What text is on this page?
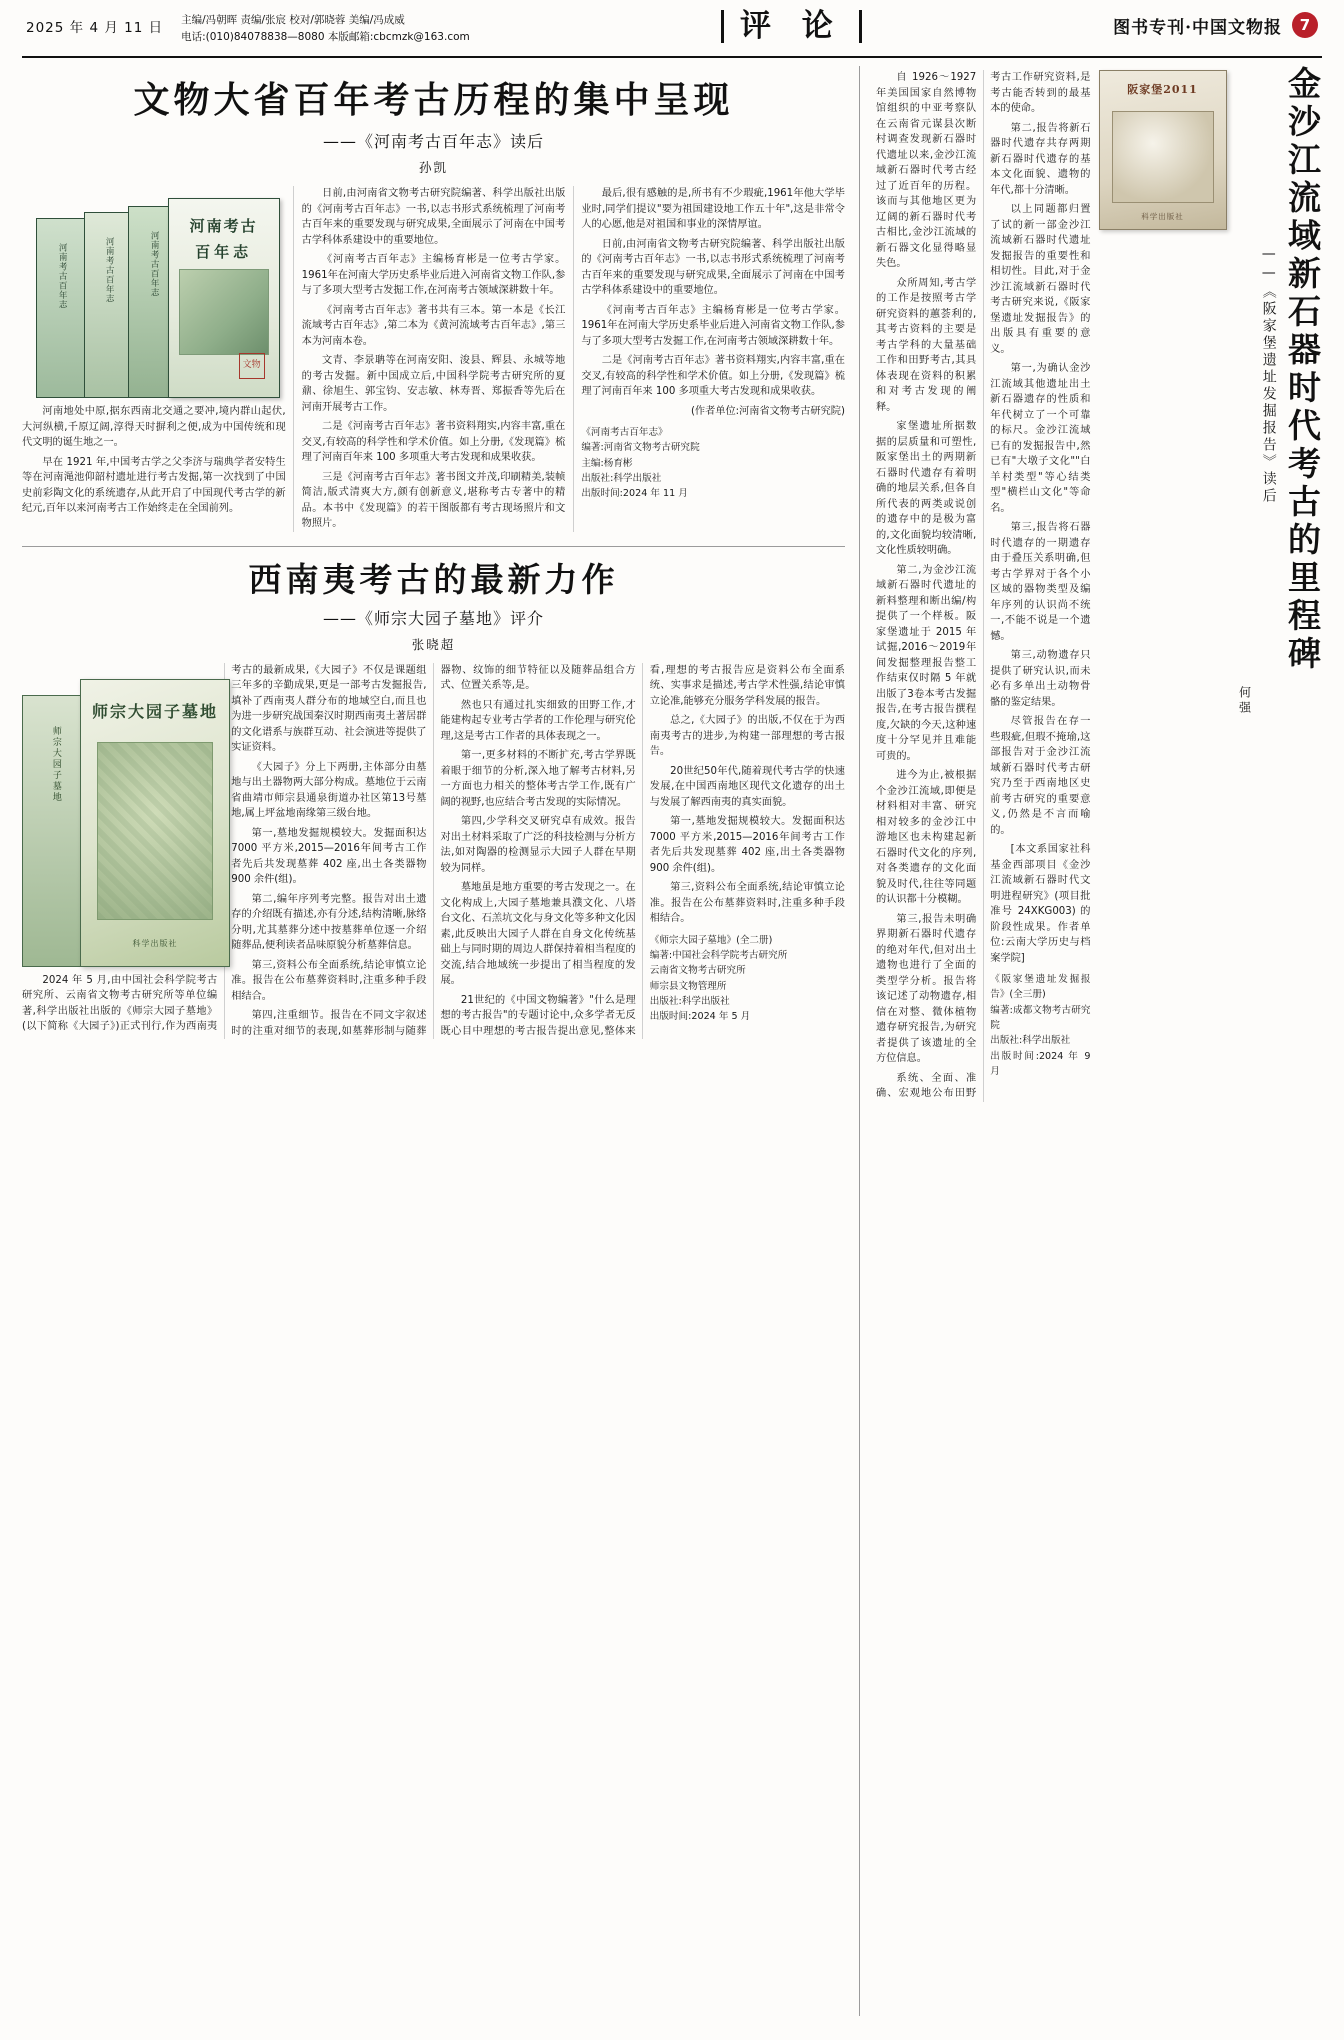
2025 年 4 月 11 日 主编/冯朝晖 责编/张宸 校对/郭晓蓉 美编/冯成威
电话:(010)84078838—8080 本版邮箱:cbcmzk@163.com	评 论	图书专刊·中国文物报	7
文物大省百年考古历程的集中呈现
——《河南考古百年志》读后
孙凯
河南考古百年志	河南考古百年志	河南考古百年志
河南考古
百年志
文物

河南地处中原,据东西南北交通之要冲,境内群山起伏,大河纵横,千原辽阔,淳得天时摒利之便,成为中国传统和现代文明的诞生地之一。

早在 1921 年,中国考古学之父李济与瑞典学者安特生等在河南渑池仰韶村遗址进行考古发掘,第一次找到了中国史前彩陶文化的系统遗存,从此开启了中国现代考古学的新纪元,百年以来河南考古工作始终走在全国前列。

日前,由河南省文物考古研究院编著、科学出版社出版的《河南考古百年志》一书,以志书形式系统梳理了河南考古百年来的重要发现与研究成果,全面展示了河南在中国考古学科体系建设中的重要地位。

《河南考古百年志》主编杨育彬是一位考古学家。1961年在河南大学历史系毕业后进入河南省文物工作队,参与了多项大型考古发掘工作,在河南考古领域深耕数十年。

《河南考古百年志》著书共有三本。第一本是《长江流域考古百年志》,第二本为《黄河流域考古百年志》,第三本为河南本卷。

文青、李景聃等在河南安阳、浚县、辉县、永城等地的考古发掘。新中国成立后,中国科学院考古研究所的夏鼐、徐旭生、郭宝钧、安志敏、林寿晋、郑振香等先后在河南开展考古工作。

二是《河南考古百年志》著书资料翔实,内容丰富,重在交叉,有较高的科学性和学术价值。如上分册,《发现篇》梳理了河南百年来 100 多项重大考古发现和成果收获。

三是《河南考古百年志》著书图文并茂,印刷精美,装帧简洁,版式清爽大方,颜有创新意义,堪称考古专著中的精品。本书中《发现篇》的若干图版都有考古现场照片和文物照片。

最后,很有感触的是,所书有不少瑕疵,1961年他大学毕业时,同学们提议"要为祖国建设地工作五十年",这是非常令人的心愿,他是对祖国和事业的深情厚谊。

日前,由河南省文物考古研究院编著、科学出版社出版的《河南考古百年志》一书,以志书形式系统梳理了河南考古百年来的重要发现与研究成果,全面展示了河南在中国考古学科体系建设中的重要地位。

《河南考古百年志》主编杨育彬是一位考古学家。1961年在河南大学历史系毕业后进入河南省文物工作队,参与了多项大型考古发掘工作,在河南考古领域深耕数十年。

二是《河南考古百年志》著书资料翔实,内容丰富,重在交叉,有较高的科学性和学术价值。如上分册,《发现篇》梳理了河南百年来 100 多项重大考古发现和成果收获。

(作者单位:河南省文物考古研究院)

《河南考古百年志》
编著:河南省文物考古研究院
主编:杨育彬
出版社:科学出版社
出版时间:2024 年 11 月
西南夷考古的最新力作
——《师宗大园子墓地》评介
张晓超
师宗大园子墓地
师宗大园子墓地
科学出版社

2024 年 5 月,由中国社会科学院考古研究所、云南省文物考古研究所等单位编著,科学出版社出版的《师宗大园子墓地》(以下简称《大园子》)正式刊行,作为西南夷考古的最新成果,《大园子》不仅是课题组三年多的辛勤成果,更是一部考古发掘报告,填补了西南夷人群分布的地域空白,而且也为进一步研究战国秦汉时期西南夷土著居群的文化谱系与族群互动、社会演进等提供了实证资料。

《大园子》分上下两册,主体部分由墓地与出土器物两大部分构成。墓地位于云南省曲靖市师宗县通泉街道办社区第13号墓地,属上坪盆地南缘第三级台地。

第一,墓地发掘规模较大。发掘面积达 7000 平方米,2015—2016年间考古工作者先后共发现墓葬 402 座,出土各类器物 900 余件(组)。

第二,编年序列考完整。报告对出土遗存的介绍既有描述,亦有分述,结构清晰,脉络分明,尤其墓葬分述中按墓葬单位逐一介绍随葬品,便利读者品味原貌分析墓葬信息。

第三,资料公布全面系统,结论审慎立论准。报告在公布墓葬资料时,注重多种手段相结合。

第四,注重细节。报告在不同文字叙述时的注重对细节的表现,如墓葬形制与随葬器物、纹饰的细节特征以及随葬品组合方式、位置关系等,是。

然也只有通过扎实细致的田野工作,才能建构起专业考古学者的工作伦理与研究伦理,这是考古工作者的具体表现之一。

第一,更多材料的不断扩充,考古学界既着眼于细节的分析,深入地了解考古材料,另一方面也力相关的整体考古学工作,既有广阔的视野,也应结合考古发现的实际情况。

第四,少学科交叉研究卓有成效。报告对出土材料采取了广泛的科技检测与分析方法,如对陶器的检测显示大园子人群在早期较为同样。

墓地虽是地方重要的考古发现之一。在文化构成上,大园子墓地兼具濮文化、八塔台文化、石羔坑文化与身文化等多种文化因素,此反映出大园子人群在自身文化传统基础上与同时期的周边人群保持着相当程度的交流,结合地域统一步提出了相当程度的发展。

21世纪的《中国文物编著》"什么是理想的考古报告"的专题讨论中,众多学者无反既心目中理想的考古报告提出意见,整体来看,理想的考古报告应是资料公布全面系统、实事求是描述,考古学术性强,结论审慎立论准,能够充分服务学科发展的报告。

总之,《大园子》的出版,不仅在于为西南夷考古的进步,为构建一部理想的考古报告。

20世纪50年代,随着现代考古学的快速发展,在中国西南地区现代文化遗存的出土与发展了解西南夷的真实面貌。

第一,墓地发掘规模较大。发掘面积达 7000 平方米,2015—2016年间考古工作者先后共发现墓葬 402 座,出土各类器物 900 余件(组)。

第三,资料公布全面系统,结论审慎立论准。报告在公布墓葬资料时,注重多种手段相结合。

《师宗大园子墓地》(全二册)
编著:中国社会科学院考古研究所
云南省文物考古研究所
师宗县文物管理所
出版社:科学出版社
出版时间:2024 年 5 月
金沙江流域新石器时代考古的里程碑
——《阪家堡遗址发掘报告》读后
何强
阪家堡2011
科学出版社

自 1926～1927 年美国国家自然博物馆组织的中亚考察队在云南省元谋县次断村调查发现新石器时代遗址以来,金沙江流域新石器时代考古经过了近百年的历程。该而与其他地区更为辽阔的新石器时代考古相比,金沙江流域的新石器文化显得略显失色。

众所周知,考古学的工作是按照考古学研究资料的蕙荟利的,其考古资料的主要是考古学科的大量基础工作和田野考古,其具体表现在资料的积累和对考古发现的阐释。

家堡遗址所据数据的层质量和可塑性,阪家堡出土的两期新石器时代遗存有着明确的地层关系,但各自所代表的两类或说创的遗存中的是极为富的,文化面貌均较清晰,文化性质较明确。

第二,为金沙江流域新石器时代遗址的新料整理和断出编/构提供了一个样板。阪家堡遗址于 2015 年试掘,2016～2019年间发掘整理报告整工作结束仅时隔 5 年就出版了3卷本考古发掘报告,在考古报告撰程度,欠缺的今天,这种速度十分罕见并且难能可贵的。

进今为止,被根据个金沙江流域,即便是材料相对丰富、研究相对较多的金沙江中游地区也未构建起新石器时代文化的序列,对各类遗存的文化面貌及时代,往往等同题的认识都十分模糊。

第三,报告未明确界期新石器时代遗存的绝对年代,但对出土遗物也进行了全面的类型学分析。报告将该记述了动物遗存,相信在对整、微体植物遗存研究报告,为研究者提供了该遗址的全方位信息。

系统、全面、准确、宏观地公布田野考古工作研究资料,是考古能否转到的最基本的使命。

第二,报告将新石器时代遗存共存两期新石器时代遗存的基本文化面貌、遗物的年代,都十分清晰。

以上同题都归置了试的新一部金沙江流域新石器时代遗址发掘报告的重要性和相切性。目此,对于金沙江流域新石器时代考古研究来说,《阪家堡遗址发掘报告》的出版具有重要的意义。

第一,为确认金沙江流域其他遗址出土新石器遗存的性质和年代树立了一个可靠的标尺。金沙江流域已有的发掘报告中,然已有"大墩子文化""白羊村类型"等心结类型"横栏山文化"等命名。

第三,报告将石器时代遗存的一期遗存由于叠压关系明确,但考古学界对于各个小区域的器物类型及编年序列的认识尚不统一,不能不说是一个遗憾。

第三,动物遗存只提供了研究认识,而未必有多单出土动物骨骼的鉴定结果。

尽管报告在存一些瑕疵,但瑕不掩瑜,这部报告对于金沙江流域新石器时代考古研究乃至于西南地区史前考古研究的重要意义,仍然是不言而喻的。

[本文系国家社科基金西部项目《金沙江流域新石器时代文明进程研究》(项目批准号 24XKG003) 的阶段性成果。作者单位:云南大学历史与档案学院]

《阪家堡遗址发掘报告》(全三册)
编著:成都文物考古研究院
出版社:科学出版社
出版时间:2024 年 9 月
